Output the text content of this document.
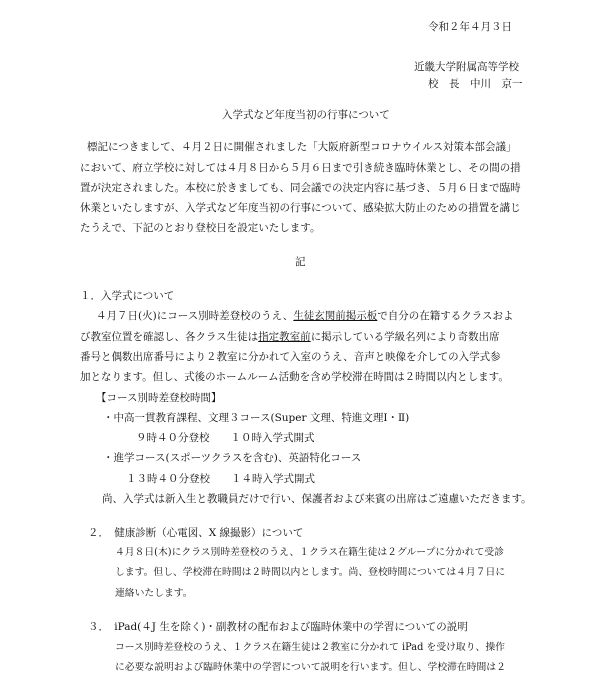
令和２年４月３日
近畿大学附属高等学校
校　長　中川　京一
入学式など年度当初の行事について
標記につきまして、４月２日に開催されました「大阪府新型コロナウイルス対策本部会議」
において、府立学校に対しては４月８日から５月６日まで引き続き臨時休業とし、その間の措
置が決定されました。本校に於きましても、同会議での決定内容に基づき、５月６日まで臨時
休業といたしますが、入学式など年度当初の行事について、感染拡大防止のための措置を講じ
たうえで、下記のとおり登校日を設定いたします。
記
１．入学式について
４月７日(火)にコース別時差登校のうえ、生徒玄関前掲示板で自分の在籍するクラスおよ
び教室位置を確認し、各クラス生徒は指定教室前に掲示している学級名列により奇数出席
番号と偶数出席番号により２教室に分かれて入室のうえ、音声と映像を介しての入学式参
加となります。但し、式後のホームルーム活動を含め学校滞在時間は２時間以内とします。
【コース別時差登校時間】
・中高一貫教育課程、文理３コース(Super 文理、特進文理Ⅰ・Ⅱ)
９時４０分登校　　１０時入学式開式
・進学コース(スポーツクラスを含む)、英語特化コース
１３時４０分登校　　１４時入学式開式
尚、入学式は新入生と教職員だけで行い、保護者および来賓の出席はご遠慮いただきます。
２．　健康診断（心電図、X 線撮影）について
４月８日(木)にクラス別時差登校のうえ、１クラス在籍生徒は２グループに分かれて受診
します。但し、学校滞在時間は２時間以内とします。尚、登校時間については４月７日に
連絡いたします。
３．　iPad(４J 生を除く)・副教材の配布および臨時休業中の学習についての説明
コース別時差登校のうえ、１クラス在籍生徒は２教室に分かれて iPad を受け取り、操作
に必要な説明および臨時休業中の学習について説明を行います。但し、学校滞在時間は２
